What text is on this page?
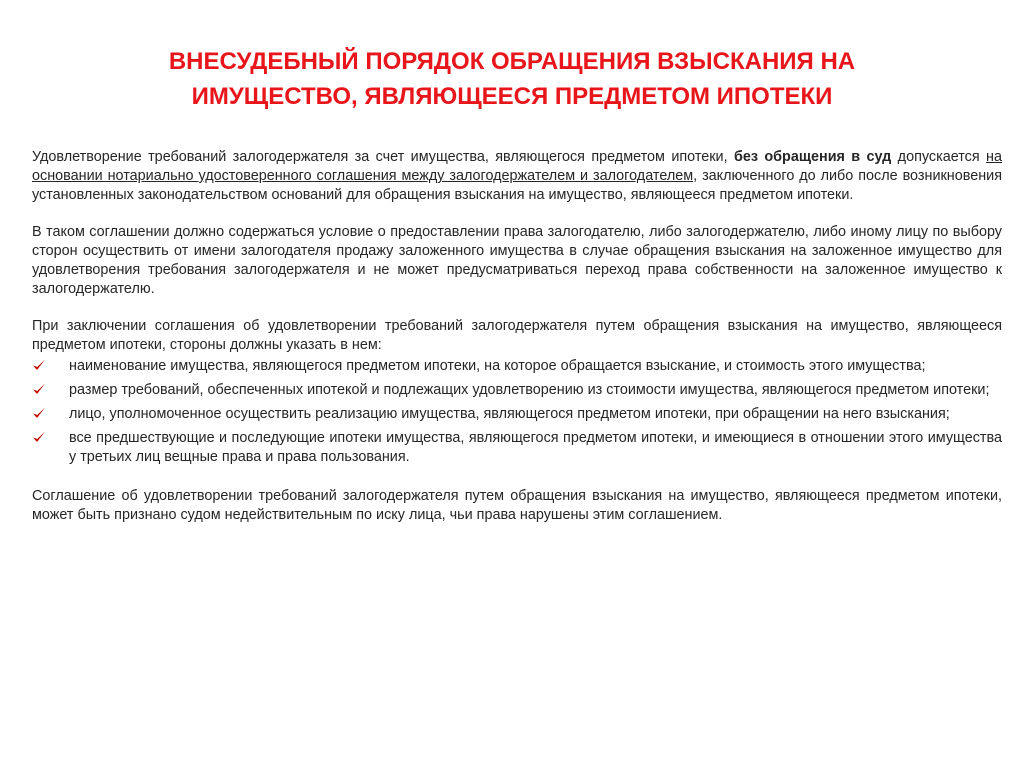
ВНЕСУДЕБНЫЙ ПОРЯДОК ОБРАЩЕНИЯ ВЗЫСКАНИЯ НА
ИМУЩЕСТВО, ЯВЛЯЮЩЕЕСЯ ПРЕДМЕТОМ ИПОТЕКИ

Удовлетворение требований залогодержателя за счет имущества, являющегося предметом ипотеки, без обращения в суд допускается на основании нотариально удостоверенного соглашения между залогодержателем и залогодателем, заключенного до либо после возникновения установленных законодательством оснований для обращения взыскания на имущество, являющееся предметом ипотеки.

В таком соглашении должно содержаться условие о предоставлении права залогодателю, либо залогодержателю, либо иному лицу по выбору сторон осуществить от имени залогодателя продажу заложенного имущества в случае обращения взыскания на заложенное имущество для удовлетворения требования залогодержателя и не может предусматриваться переход права собственности на заложенное имущество к залогодержателю.

При заключении соглашения об удовлетворении требований залогодержателя путем обращения взыскания на имущество, являющееся предметом ипотеки, стороны должны указать в нем:

наименование имущества, являющегося предметом ипотеки, на которое обращается взыскание, и стоимость этого имущества;
размер требований, обеспеченных ипотекой и подлежащих удовлетворению из стоимости имущества, являющегося предметом ипотеки;
лицо, уполномоченное осуществить реализацию имущества, являющегося предметом ипотеки, при обращении на него взыскания;
все предшествующие и последующие ипотеки имущества, являющегося предметом ипотеки, и имеющиеся в отношении этого имущества у третьих лиц вещные права и права пользования.

Соглашение об удовлетворении требований залогодержателя путем обращения взыскания на имущество, являющееся предметом ипотеки, может быть признано судом недействительным по иску лица, чьи права нарушены этим соглашением.
